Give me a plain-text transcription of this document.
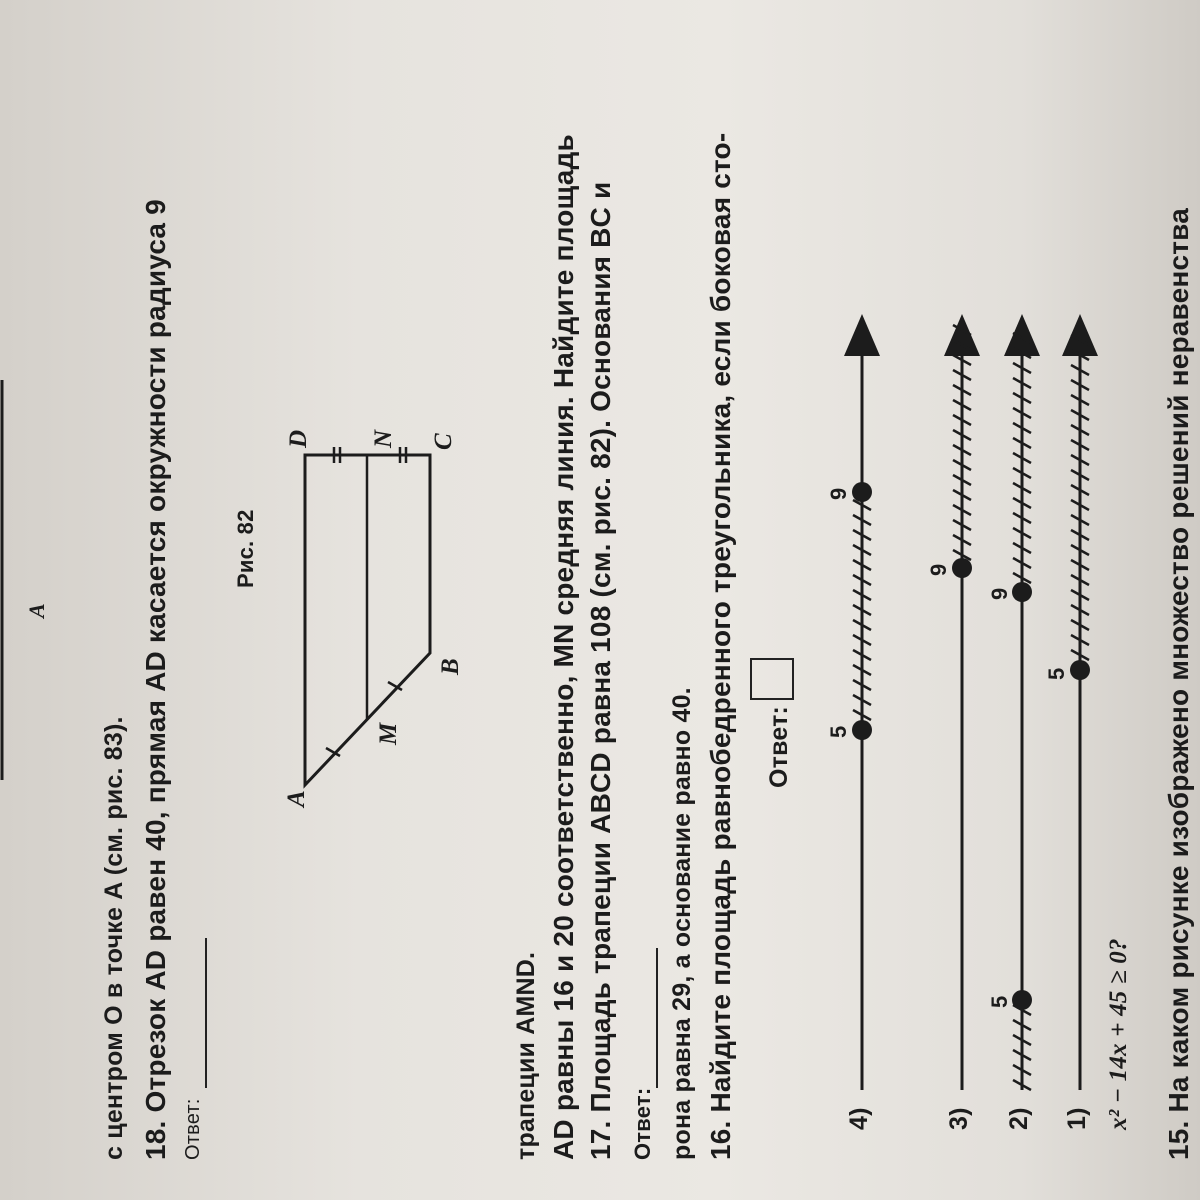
15. На каком рисунке изображено множество решений неравенства
x² − 14x + 45 ≥ 0?
1)
2)
3)
4)
5
5
9
9
5
9
Ответ:
16. Найдите площадь равнобедренного треугольника, если боковая сто-
рона равна 29, а основание равно 40.
Ответ:
17. Площадь трапеции ABCD равна 108 (см. рис. 82). Основания BC и
AD равны 16 и 20 соответственно, MN средняя линия. Найдите площадь
трапеции AMND.
A
B
C
D
M
N
Рис. 82
Ответ:
18. Отрезок AD равен 40, прямая AD касается окружности радиуса 9
с центром O в точке A (см. рис. 83).
A
